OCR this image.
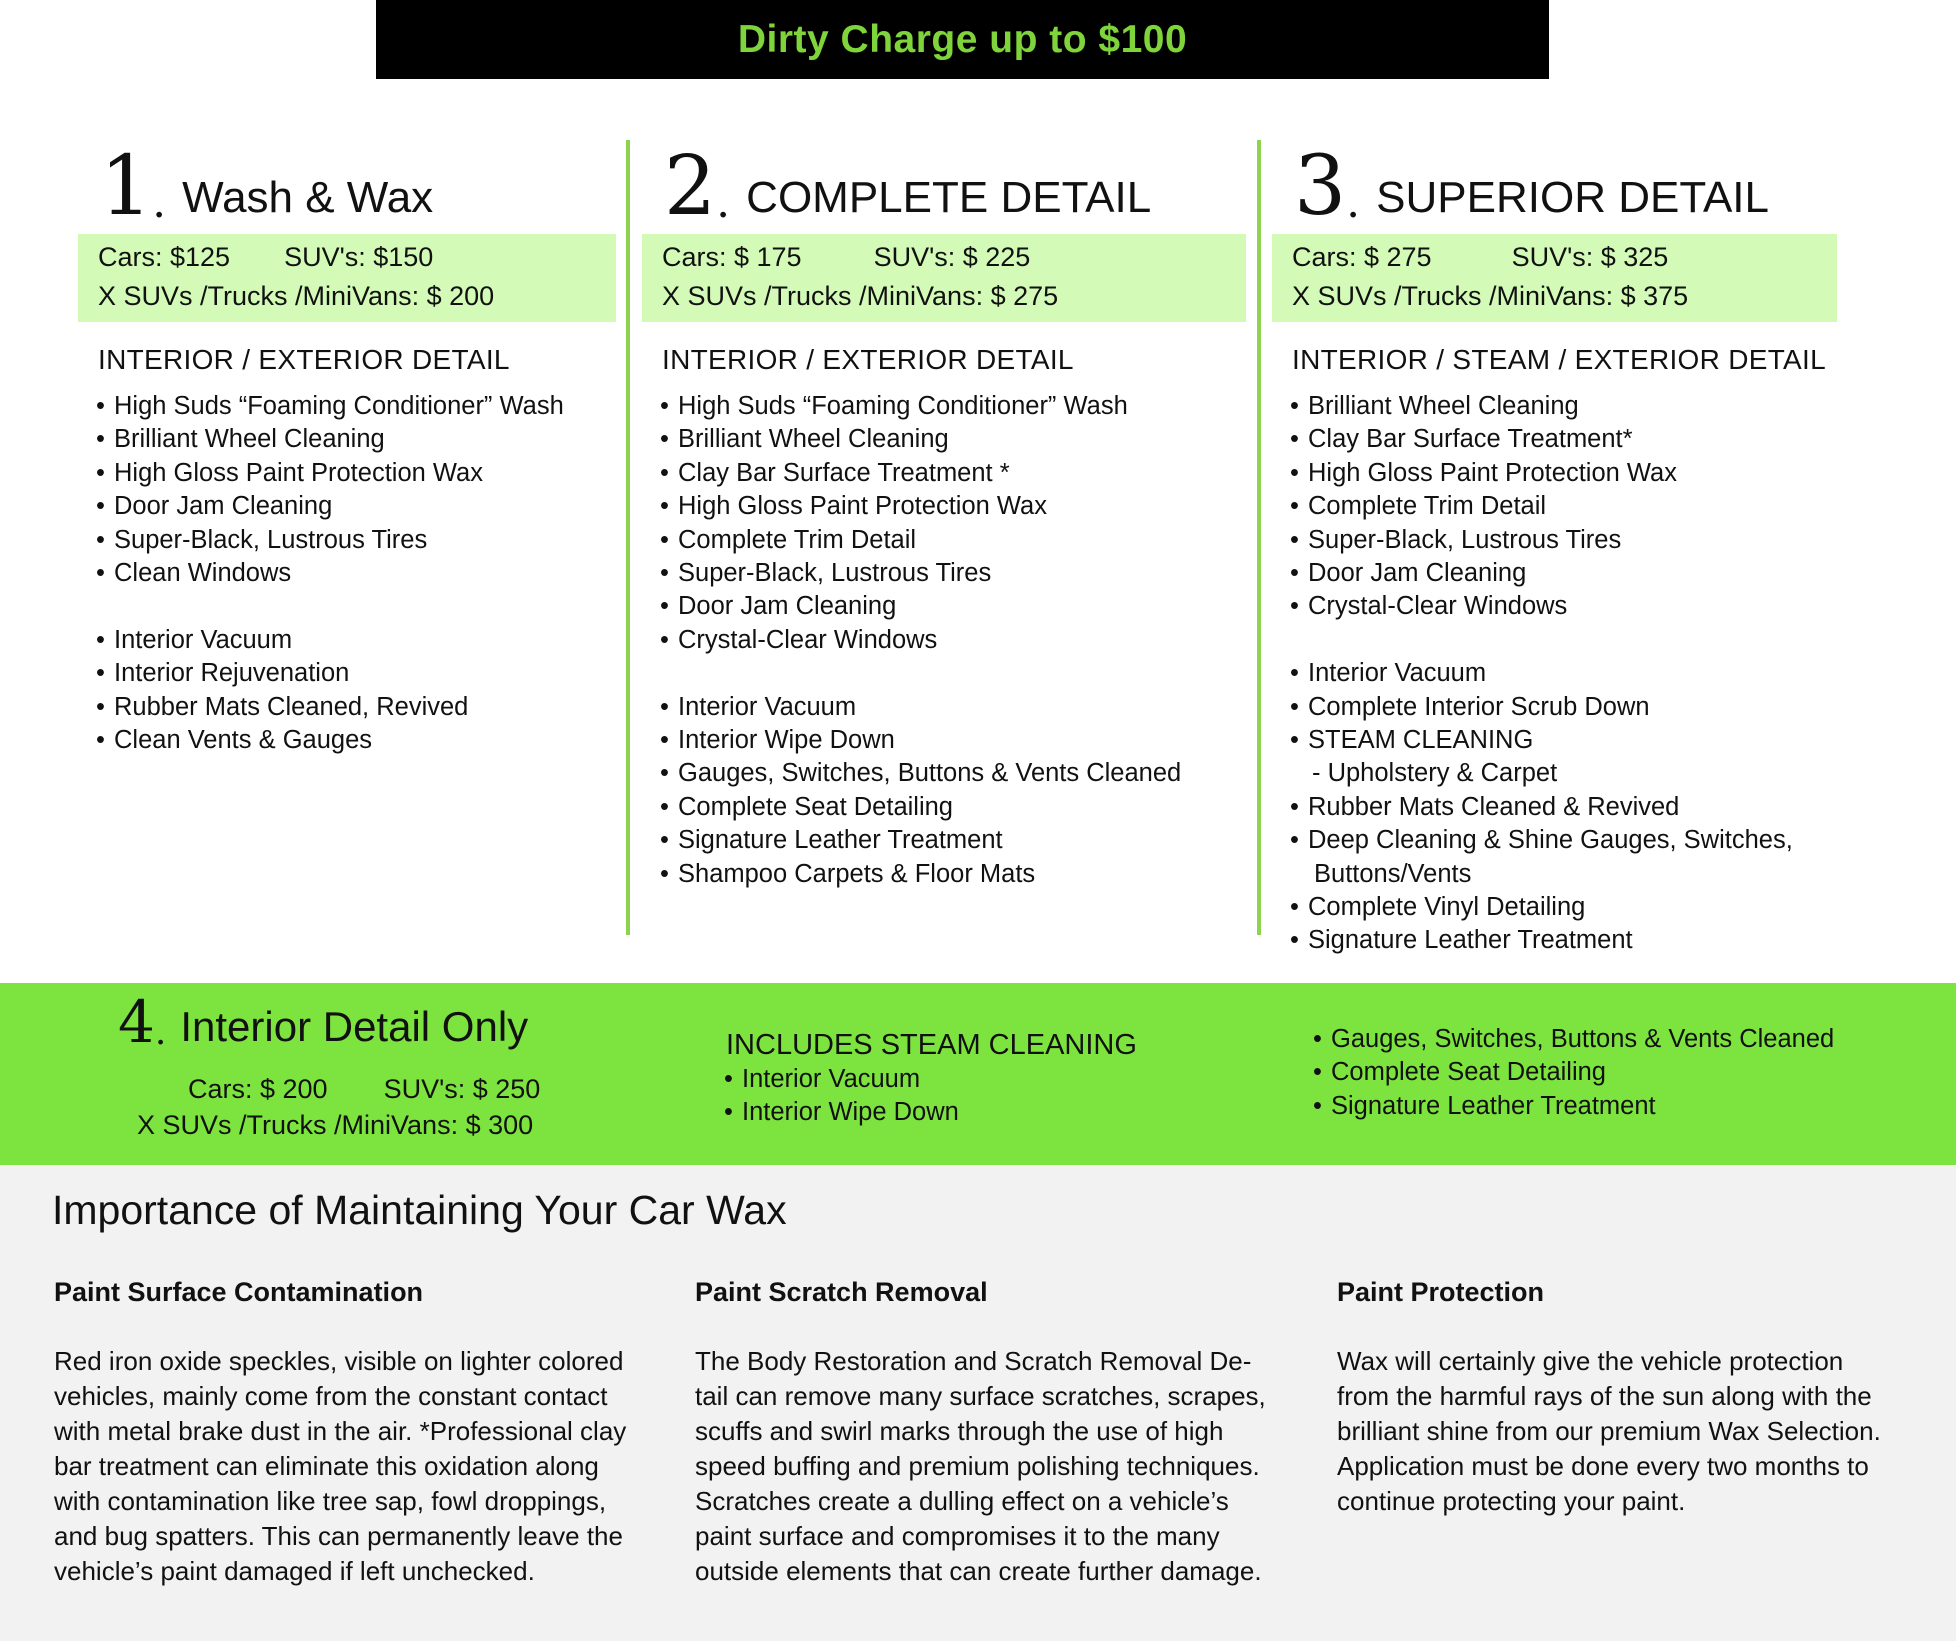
Dirty Charge up to $100
1 . Wash & Wax
Cars: $125 SUV's: $150
X SUVs /Trucks /MiniVans: $ 200
INTERIOR / EXTERIOR DETAIL
• High Suds “Foaming Conditioner” Wash
• Brilliant Wheel Cleaning
• High Gloss Paint Protection Wax
• Door Jam Cleaning
• Super-Black, Lustrous Tires
• Clean Windows
• Interior Vacuum
• Interior Rejuvenation
• Rubber Mats Cleaned, Revived
• Clean Vents & Gauges
2 . COMPLETE DETAIL
Cars: $ 175	SUV's: $ 225
X SUVs /Trucks /MiniVans: $ 275
INTERIOR / EXTERIOR DETAIL
• High Suds “Foaming Conditioner” Wash
• Brilliant Wheel Cleaning
• Clay Bar Surface Treatment *
• High Gloss Paint Protection Wax
• Complete Trim Detail
• Super-Black, Lustrous Tires
• Door Jam Cleaning
• Crystal-Clear Windows
• Interior Vacuum
• Interior Wipe Down
• Gauges, Switches, Buttons & Vents Cleaned
• Complete Seat Detailing
• Signature Leather Treatment
• Shampoo Carpets & Floor Mats
3 . SUPERIOR DETAIL
Cars: $ 275	SUV's: $ 325
X SUVs /Trucks /MiniVans: $ 375
INTERIOR / STEAM / EXTERIOR DETAIL
• Brilliant Wheel Cleaning
• Clay Bar Surface Treatment*
• High Gloss Paint Protection Wax
• Complete Trim Detail
• Super-Black, Lustrous Tires
• Door Jam Cleaning
• Crystal-Clear Windows
• Interior Vacuum
• Complete Interior Scrub Down
• STEAM CLEANING
- Upholstery & Carpet
• Rubber Mats Cleaned & Revived
• Deep Cleaning & Shine Gauges, Switches,
Buttons/Vents
• Complete Vinyl Detailing
• Signature Leather Treatment
4 . Interior Detail Only
Cars: $ 200 SUV's: $ 250
X SUVs /Trucks /MiniVans: $ 300
INCLUDES STEAM CLEANING
• Interior Vacuum
• Interior Wipe Down
• Gauges, Switches, Buttons & Vents Cleaned
• Complete Seat Detailing
• Signature Leather Treatment
Importance of Maintaining Your Car Wax
Paint Surface Contamination
Red iron oxide speckles, visible on lighter colored
vehicles, mainly come from the constant contact
with metal brake dust in the air. *Professional clay
bar treatment can eliminate this oxidation along
with contamination like tree sap, fowl droppings,
and bug spatters. This can permanently leave the
vehicle’s paint damaged if left unchecked.
Paint Scratch Removal
The Body Restoration and Scratch Removal De-
tail can remove many surface scratches, scrapes,
scuffs and swirl marks through the use of high
speed buffing and premium polishing techniques.
Scratches create a dulling effect on a vehicle’s
paint surface and compromises it to the many
outside elements that can create further damage.
Paint Protection
Wax will certainly give the vehicle protection
from the harmful rays of the sun along with the
brilliant shine from our premium Wax Selection.
Application must be done every two months to
continue protecting your paint.
